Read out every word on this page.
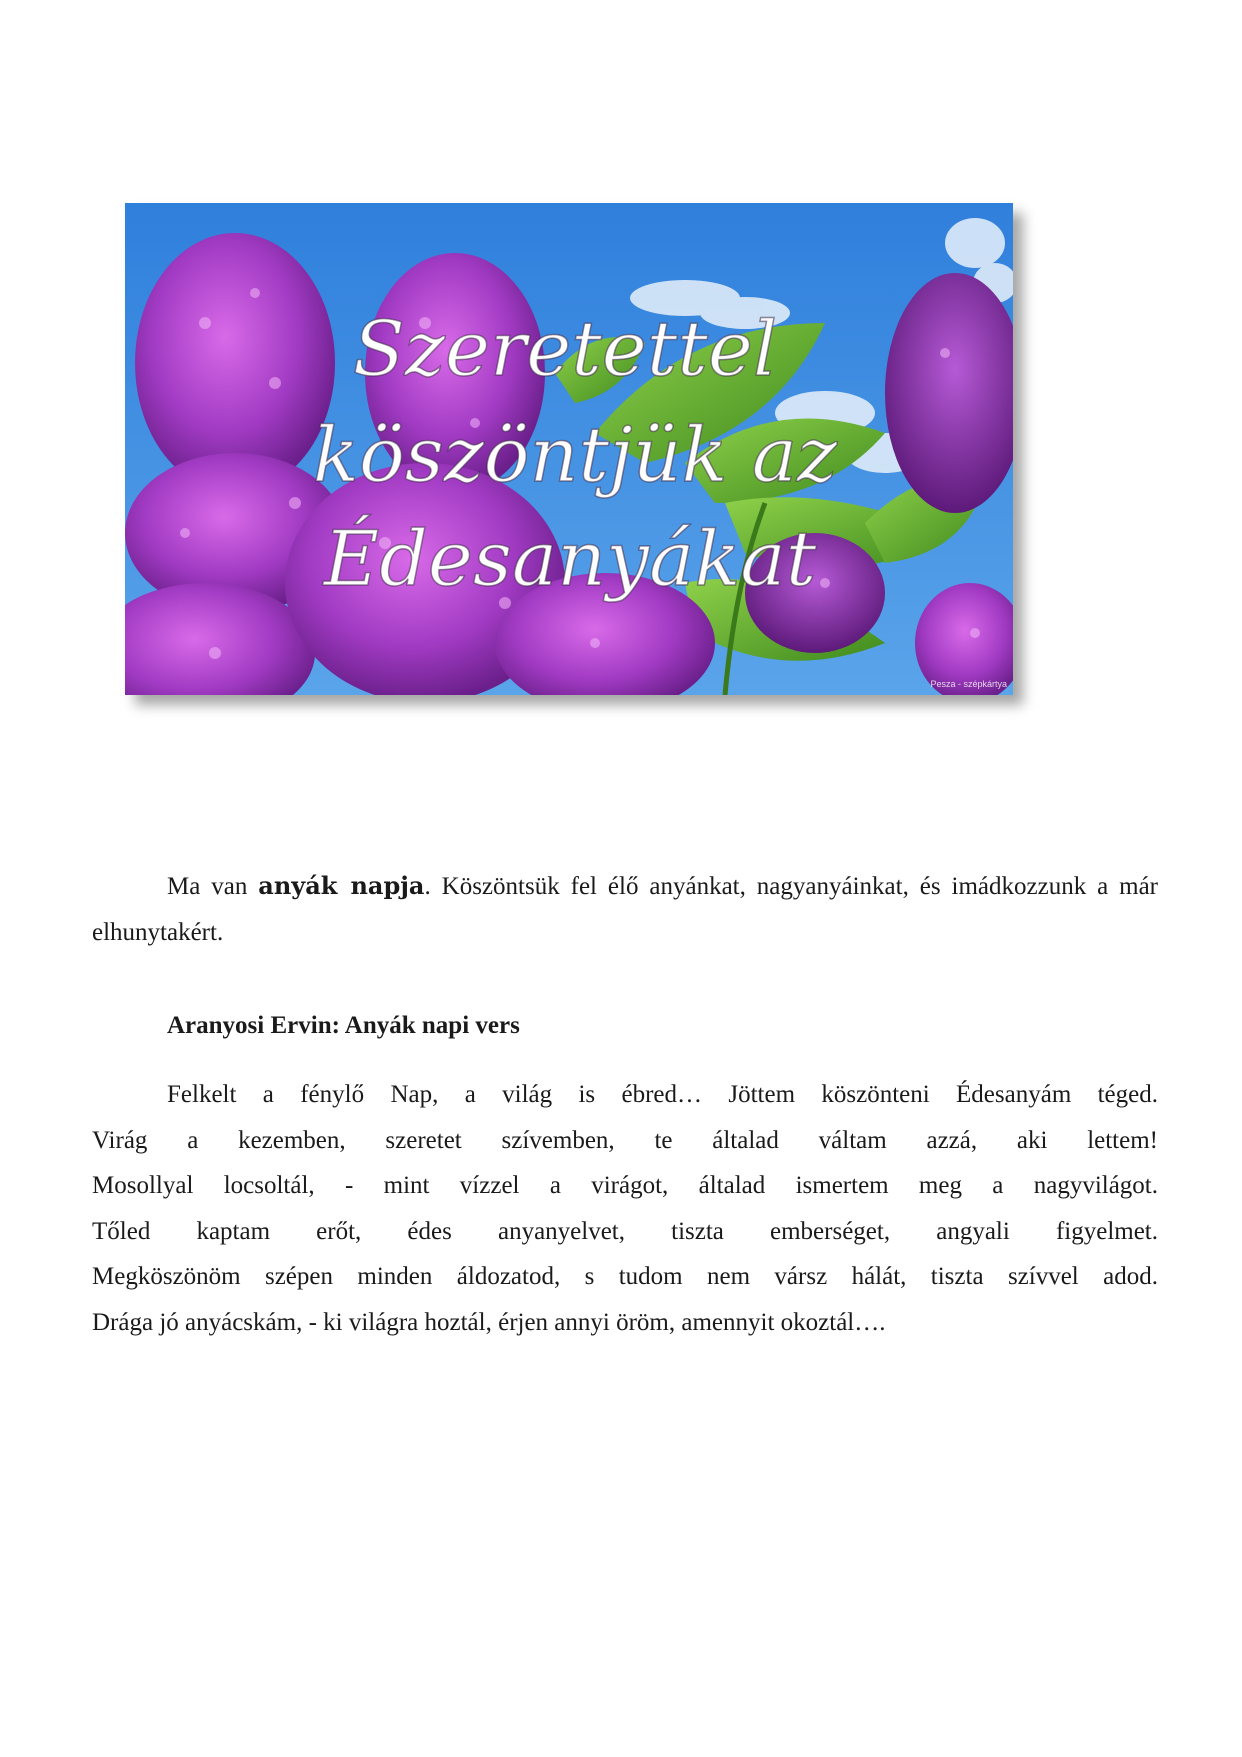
Szeretettel
köszöntjük az
Édesanyákat
Pesza - szépkártya

Ma van anyák napja. Köszöntsük fel élő anyánkat, nagyanyáinkat, és imádkozzunk a már elhunytakért.

Aranyosi Ervin: Anyák napi vers

Felkelt a fénylő Nap, a világ is ébred… Jöttem köszönteni Édesanyám téged.
Virág a kezemben, szeretet szívemben, te általad váltam azzá, aki lettem!
Mosollyal locsoltál, - mint vízzel a virágot, általad ismertem meg a nagyvilágot.
Tőled kaptam erőt, édes anyanyelvet, tiszta emberséget, angyali figyelmet.
Megköszönöm szépen minden áldozatod, s tudom nem vársz hálát, tiszta szívvel adod.
Drága jó anyácskám, - ki világra hoztál, érjen annyi öröm, amennyit okoztál….
